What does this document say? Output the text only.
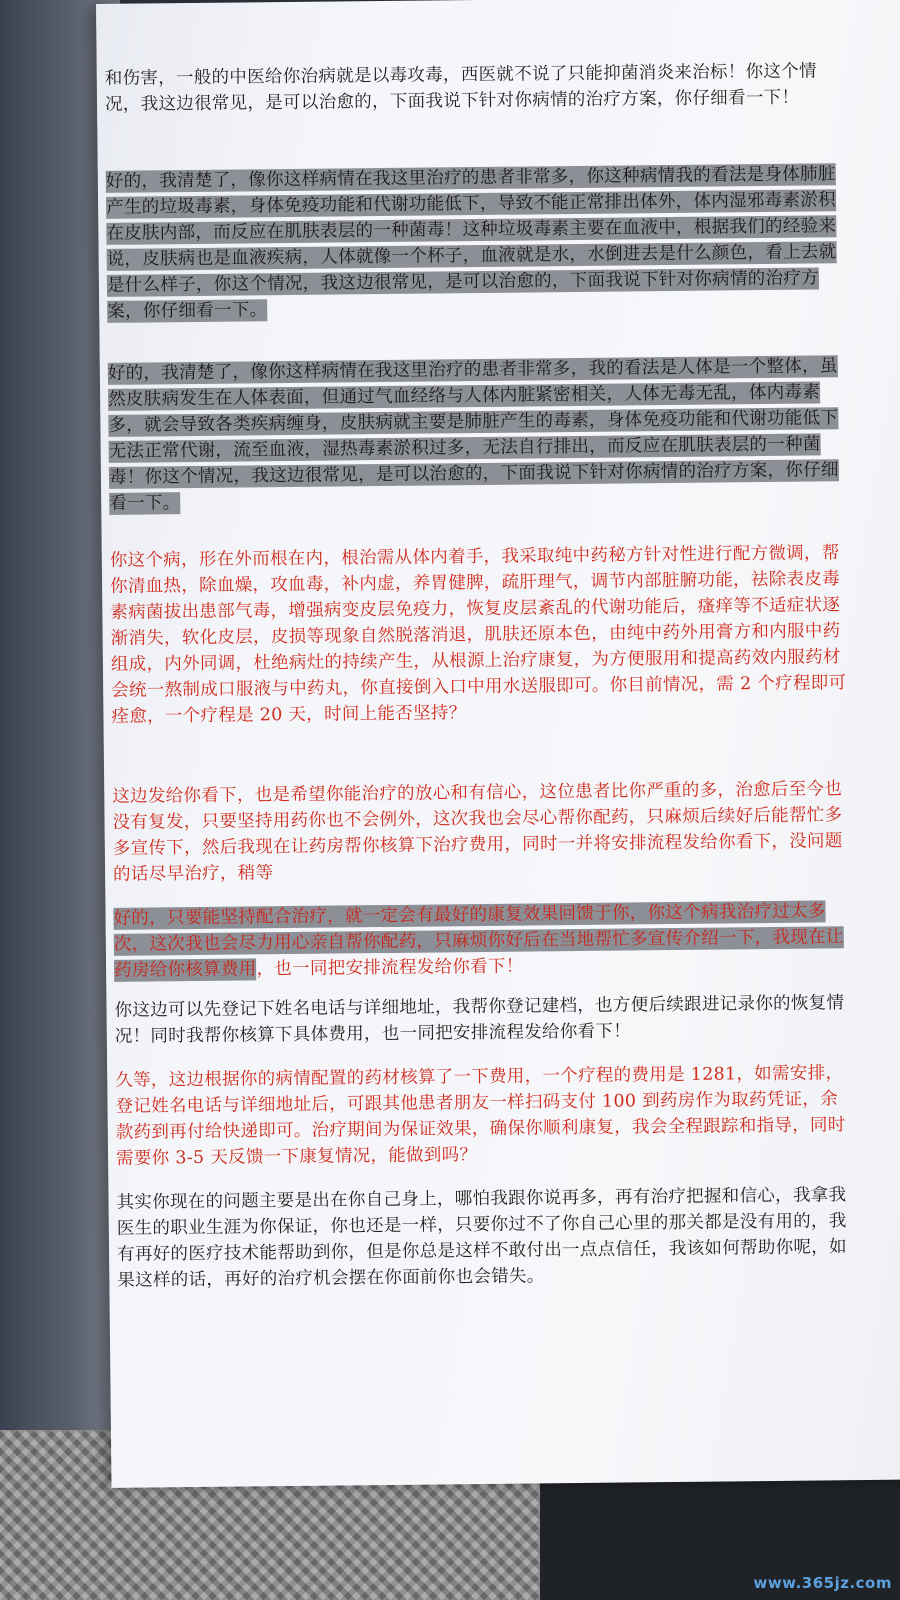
和伤害，一般的中医给你治病就是以毒攻毒，西医就不说了只能抑菌消炎来治标！你这个情况，我这边很常见，是可以治愈的，下面我说下针对你病情的治疗方案，你仔细看一下！

好的，我清楚了，像你这样病情在我这里治疗的患者非常多，你这种病情我的看法是身体肺脏产生的垃圾毒素，身体免疫功能和代谢功能低下，导致不能正常排出体外，体内湿邪毒素淤积在皮肤内部，而反应在肌肤表层的一种菌毒！这种垃圾毒素主要在血液中，根据我们的经验来说，皮肤病也是血液疾病，人体就像一个杯子，血液就是水，水倒进去是什么颜色，看上去就是什么样子，你这个情况，我这边很常见，是可以治愈的，下面我说下针对你病情的治疗方案，你仔细看一下。

好的，我清楚了，像你这样病情在我这里治疗的患者非常多，我的看法是人体是一个整体，虽然皮肤病发生在人体表面，但通过气血经络与人体内脏紧密相关，人体无毒无乱，体内毒素多，就会导致各类疾病缠身，皮肤病就主要是肺脏产生的毒素，身体免疫功能和代谢功能低下无法正常代谢，流至血液，湿热毒素淤积过多，无法自行排出，而反应在肌肤表层的一种菌毒！你这个情况，我这边很常见，是可以治愈的，下面我说下针对你病情的治疗方案，你仔细看一下。

你这个病，形在外而根在内，根治需从体内着手，我采取纯中药秘方针对性进行配方微调，帮你清血热，除血燥，攻血毒，补内虚，养胃健脾，疏肝理气，调节内部脏腑功能，祛除表皮毒素病菌拔出患部气毒，增强病变皮层免疫力，恢复皮层紊乱的代谢功能后，瘙痒等不适症状逐渐消失，软化皮层，皮损等现象自然脱落消退，肌肤还原本色，由纯中药外用膏方和内服中药组成，内外同调，杜绝病灶的持续产生，从根源上治疗康复，为方便服用和提高药效内服药材会统一熬制成口服液与中药丸，你直接倒入口中用水送服即可。你目前情况，需 2 个疗程即可痊愈，一个疗程是 20 天，时间上能否坚持？

这边发给你看下，也是希望你能治疗的放心和有信心，这位患者比你严重的多，治愈后至今也没有复发，只要坚持用药你也不会例外，这次我也会尽心帮你配药，只麻烦后续好后能帮忙多多宣传下，然后我现在让药房帮你核算下治疗费用，同时一并将安排流程发给你看下，没问题的话尽早治疗，稍等

好的，只要能坚持配合治疗，就一定会有最好的康复效果回馈于你，你这个病我治疗过太多次，这次我也会尽力用心亲自帮你配药，只麻烦你好后在当地帮忙多宣传介绍一下，我现在让药房给你核算费用，也一同把安排流程发给你看下！

你这边可以先登记下姓名电话与详细地址，我帮你登记建档，也方便后续跟进记录你的恢复情况！同时我帮你核算下具体费用，也一同把安排流程发给你看下！

久等，这边根据你的病情配置的药材核算了一下费用，一个疗程的费用是 1281，如需安排，登记姓名电话与详细地址后，可跟其他患者朋友一样扫码支付 100 到药房作为取药凭证，余款药到再付给快递即可。治疗期间为保证效果，确保你顺利康复，我会全程跟踪和指导，同时需要你 3-5 天反馈一下康复情况，能做到吗？

其实你现在的问题主要是出在你自己身上，哪怕我跟你说再多，再有治疗把握和信心，我拿我医生的职业生涯为你保证，你也还是一样，只要你过不了你自己心里的那关都是没有用的，我有再好的医疗技术能帮助到你，但是你总是这样不敢付出一点点信任，我该如何帮助你呢，如果这样的话，再好的治疗机会摆在你面前你也会错失。

www.365jz.com
